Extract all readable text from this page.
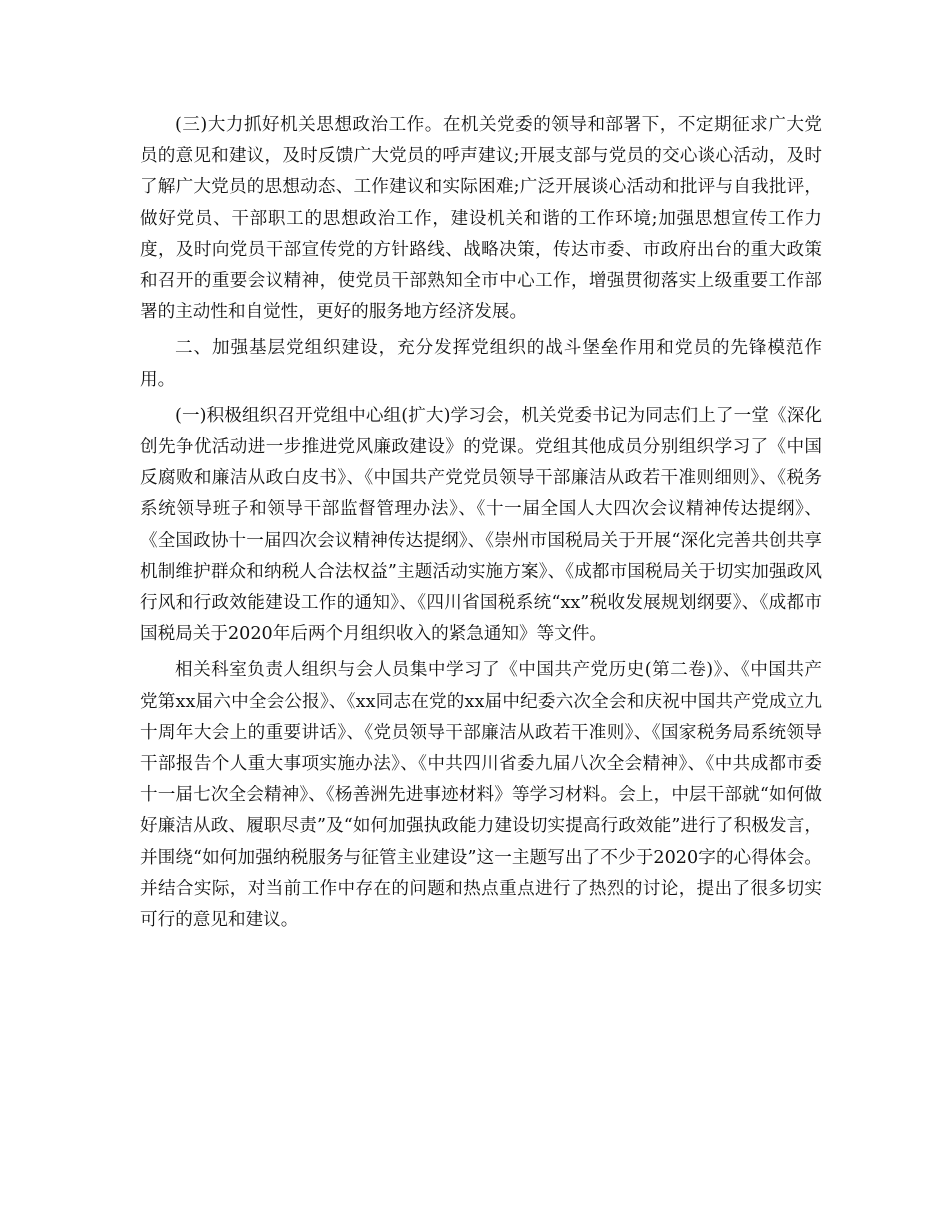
(三)大力抓好机关思想政治工作。在机关党委的领导和部署下，不定期征求广大党员的意见和建议，及时反馈广大党员的呼声建议;开展支部与党员的交心谈心活动，及时了解广大党员的思想动态、工作建议和实际困难;广泛开展谈心活动和批评与自我批评，做好党员、干部职工的思想政治工作，建设机关和谐的工作环境;加强思想宣传工作力度，及时向党员干部宣传党的方针路线、战略决策，传达市委、市政府出台的重大政策和召开的重要会议精神，使党员干部熟知全市中心工作，增强贯彻落实上级重要工作部署的主动性和自觉性，更好的服务地方经济发展。

二、加强基层党组织建设，充分发挥党组织的战斗堡垒作用和党员的先锋模范作用。

(一)积极组织召开党组中心组(扩大)学习会，机关党委书记为同志们上了一堂《深化创先争优活动进一步推进党风廉政建设》的党课。党组其他成员分别组织学习了《中国反腐败和廉洁从政白皮书》、《中国共产党党员领导干部廉洁从政若干准则细则》、《税务系统领导班子和领导干部监督管理办法》、《十一届全国人大四次会议精神传达提纲》、《全国政协十一届四次会议精神传达提纲》、《崇州市国税局关于开展“深化完善共创共享机制维护群众和纳税人合法权益”主题活动实施方案》、《成都市国税局关于切实加强政风行风和行政效能建设工作的通知》、《四川省国税系统“xx”税收发展规划纲要》、《成都市国税局关于2020年后两个月组织收入的紧急通知》等文件。

相关科室负责人组织与会人员集中学习了《中国共产党历史(第二卷)》、《中国共产党第xx届六中全会公报》、《xx同志在党的xx届中纪委六次全会和庆祝中国共产党成立九十周年大会上的重要讲话》、《党员领导干部廉洁从政若干准则》、《国家税务局系统领导干部报告个人重大事项实施办法》、《中共四川省委九届八次全会精神》、《中共成都市委十一届七次全会精神》、《杨善洲先进事迹材料》等学习材料。会上，中层干部就“如何做好廉洁从政、履职尽责”及“如何加强执政能力建设切实提高行政效能”进行了积极发言，并围绕“如何加强纳税服务与征管主业建设”这一主题写出了不少于2020字的心得体会。并结合实际，对当前工作中存在的问题和热点重点进行了热烈的讨论，提出了很多切实可行的意见和建议。
